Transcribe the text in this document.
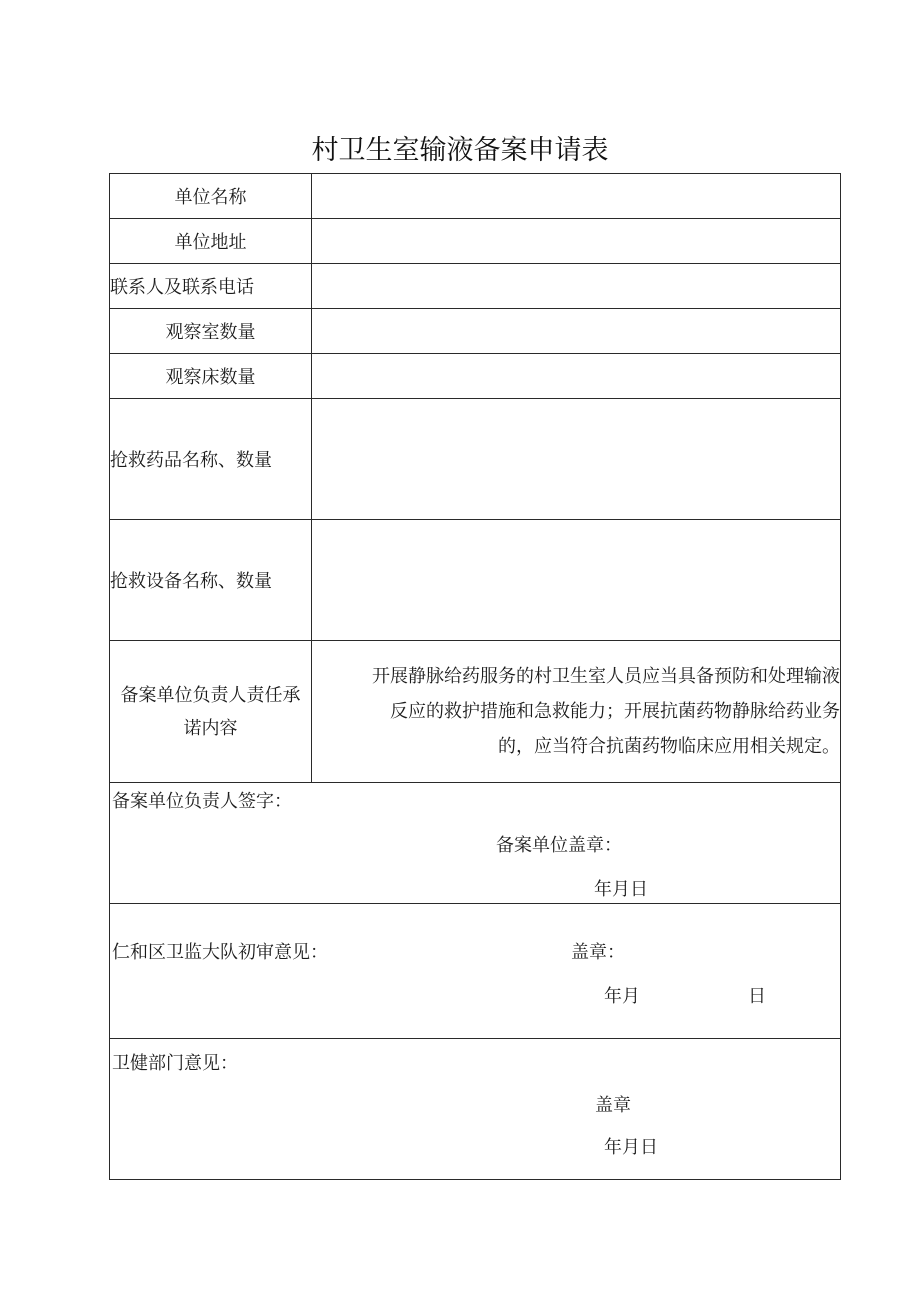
村卫生室输液备案申请表
单位名称	
单位地址	
联系人及联系电话	
观察室数量	
观察床数量	
抢救药品名称、数量	
抢救设备名称、数量	
备案单位负责人责任承
诺内容	开展静脉给药服务的村卫生室人员应当具备预防和处理输液
反应的救护措施和急救能力；开展抗菌药物静脉给药业务
的，应当符合抗菌药物临床应用相关规定。

备案单位负责人签字：
备案单位盖章：
年月日	

仁和区卫监大队初审意见： 盖章：
年月 日	

卫健部门意见：
盖章
年月日	
